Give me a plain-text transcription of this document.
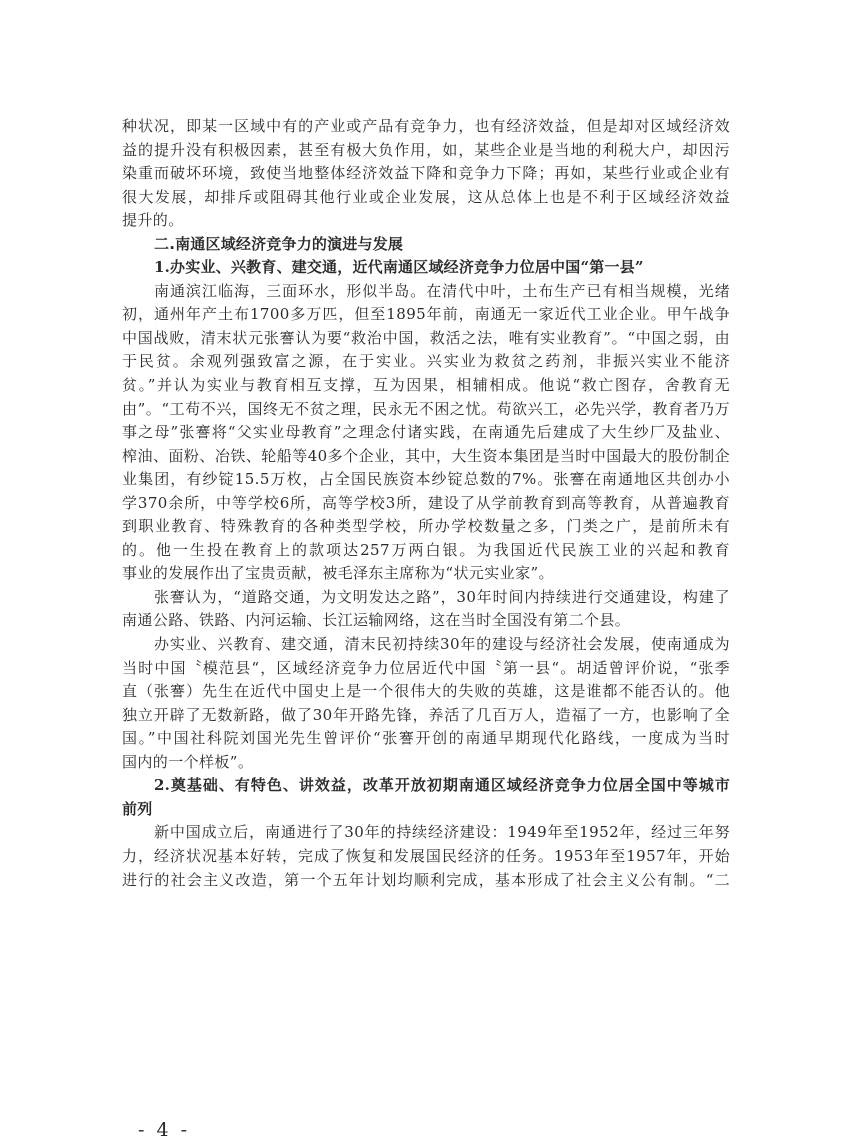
种状况，即某一区域中有的产业或产品有竞争力，也有经济效益，但是却对区域经济效
益的提升没有积极因素，甚至有极大负作用，如，某些企业是当地的利税大户，却因污
染重而破坏环境，致使当地整体经济效益下降和竞争力下降；再如，某些行业或企业有
很大发展，却排斥或阻碍其他行业或企业发展，这从总体上也是不利于区域经济效益
提升的。
二.南通区域经济竞争力的演进与发展
1.办实业、兴教育、建交通，近代南通区域经济竞争力位居中国“第一县”
南通滨江临海，三面环水，形似半岛。在清代中叶，土布生产已有相当规模，光绪
初，通州年产土布1700多万匹，但至1895年前，南通无一家近代工业企业。甲午战争
中国战败，清末状元张謇认为要“救治中国，救活之法，唯有实业教育”。“中国之弱，由
于民贫。余观列强致富之源，在于实业。兴实业为救贫之药剂，非振兴实业不能济
贫。”并认为实业与教育相互支撑，互为因果，相辅相成。他说“救亡图存，舍教育无
由”。“工苟不兴，国终无不贫之理，民永无不困之忧。苟欲兴工，必先兴学，教育者乃万
事之母”张謇将“父实业母教育”之理念付诸实践，在南通先后建成了大生纱厂及盐业、
榨油、面粉、冶铁、轮船等40多个企业，其中，大生资本集团是当时中国最大的股份制企
业集团，有纱锭15.5万枚，占全国民族资本纱锭总数的7%。张謇在南通地区共创办小
学370余所，中等学校6所，高等学校3所，建设了从学前教育到高等教育，从普遍教育
到职业教育、特殊教育的各种类型学校，所办学校数量之多，门类之广，是前所未有
的。他一生投在教育上的款项达257万两白银。为我国近代民族工业的兴起和教育
事业的发展作出了宝贵贡献，被毛泽东主席称为“状元实业家”。
张謇认为，“道路交通，为文明发达之路”，30年时间内持续进行交通建设，构建了
南通公路、铁路、内河运输、长江运输网络，这在当时全国没有第二个县。
办实业、兴教育、建交通，清末民初持续30年的建设与经济社会发展，使南通成为
当时中国〝模范县“，区域经济竞争力位居近代中国〝第一县“。胡适曾评价说，“张季
直（张謇）先生在近代中国史上是一个很伟大的失败的英雄，这是谁都不能否认的。他
独立开辟了无数新路，做了30年开路先锋，养活了几百万人，造福了一方，也影响了全
国。”中国社科院刘国光先生曾评价“张謇开创的南通早期现代化路线，一度成为当时
国内的一个样板”。
2.奠基础、有特色、讲效益，改革开放初期南通区域经济竞争力位居全国中等城市
前列
新中国成立后，南通进行了30年的持续经济建设：1949年至1952年，经过三年努
力，经济状况基本好转，完成了恢复和发展国民经济的任务。1953年至1957年，开始
进行的社会主义改造，第一个五年计划均顺利完成，基本形成了社会主义公有制。“二
- 4 -
